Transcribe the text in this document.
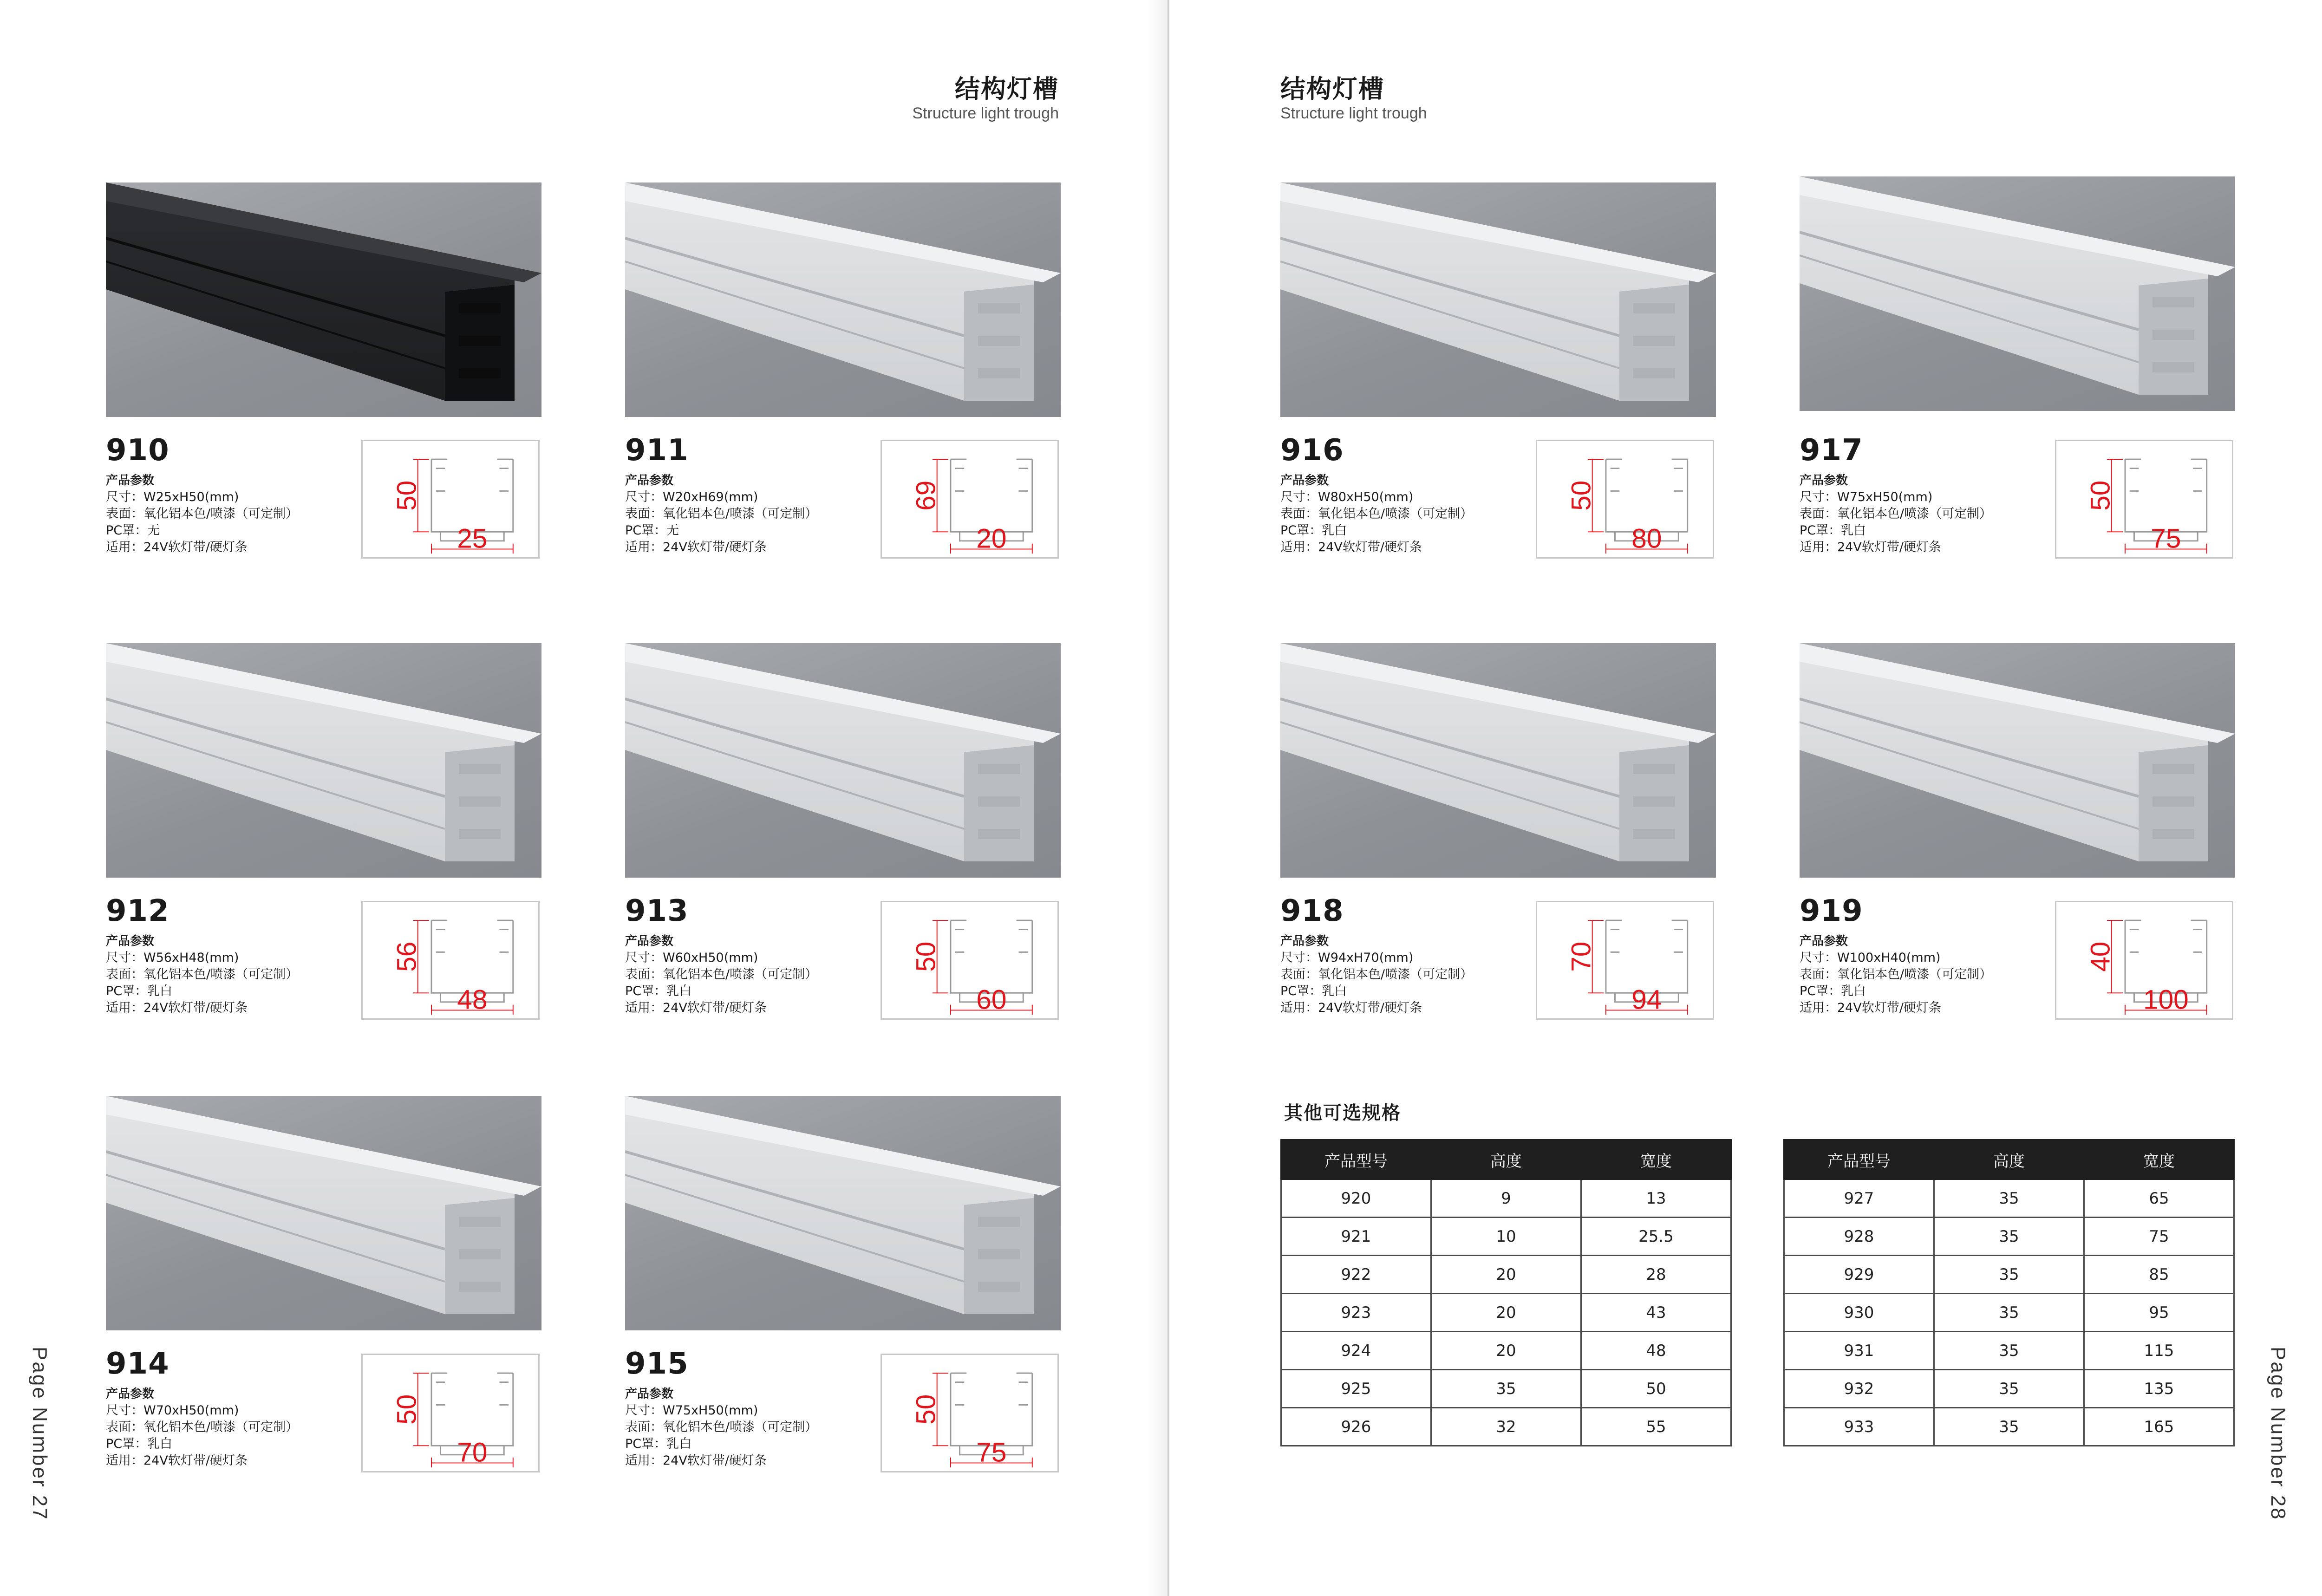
结构灯槽
Structure light trough
结构灯槽
Structure light trough
910
产品参数
尺寸：W25xH50(mm)
表面：氧化铝本色/喷漆（可定制）
PC罩：无
适用：24V软灯带/硬灯条
50
25
911
产品参数
尺寸：W20xH69(mm)
表面：氧化铝本色/喷漆（可定制）
PC罩：无
适用：24V软灯带/硬灯条
69
20
912
产品参数
尺寸：W56xH48(mm)
表面：氧化铝本色/喷漆（可定制）
PC罩：乳白
适用：24V软灯带/硬灯条
56
48
913
产品参数
尺寸：W60xH50(mm)
表面：氧化铝本色/喷漆（可定制）
PC罩：乳白
适用：24V软灯带/硬灯条
50
60
914
产品参数
尺寸：W70xH50(mm)
表面：氧化铝本色/喷漆（可定制）
PC罩：乳白
适用：24V软灯带/硬灯条
50
70
915
产品参数
尺寸：W75xH50(mm)
表面：氧化铝本色/喷漆（可定制）
PC罩：乳白
适用：24V软灯带/硬灯条
50
75
916
产品参数
尺寸：W80xH50(mm)
表面：氧化铝本色/喷漆（可定制）
PC罩：乳白
适用：24V软灯带/硬灯条
50
80
917
产品参数
尺寸：W75xH50(mm)
表面：氧化铝本色/喷漆（可定制）
PC罩：乳白
适用：24V软灯带/硬灯条
50
75
918
产品参数
尺寸：W94xH70(mm)
表面：氧化铝本色/喷漆（可定制）
PC罩：乳白
适用：24V软灯带/硬灯条
70
94
919
产品参数
尺寸：W100xH40(mm)
表面：氧化铝本色/喷漆（可定制）
PC罩：乳白
适用：24V软灯带/硬灯条
40
100
其他可选规格
产品型号	高度	宽度
920	9	13
921	10	25.5
922	20	28
923	20	43
924	20	48
925	35	50
926	32	55
产品型号	高度	宽度
927	35	65
928	35	75
929	35	85
930	35	95
931	35	115
932	35	135
933	35	165
Page Number 27	Page Number 28
